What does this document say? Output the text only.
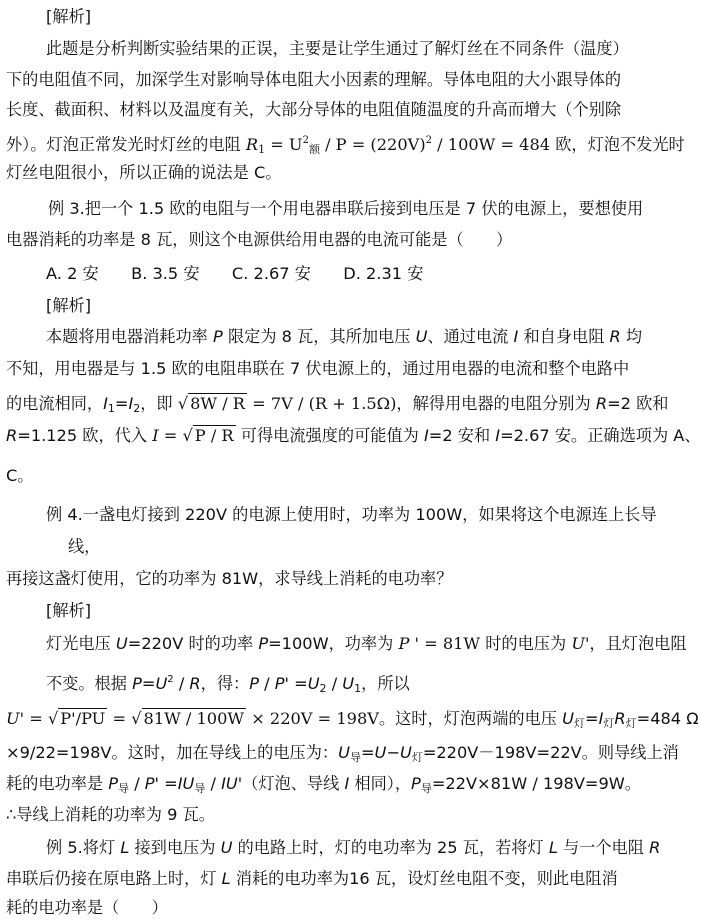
[解析]
此题是分析判断实验结果的正误，主要是让学生通过了解灯丝在不同条件（温度）
下的电阻值不同，加深学生对影响导体电阻大小因素的理解。导体电阻的大小跟导体的
长度、截面积、材料以及温度有关，大部分导体的电阻值随温度的升高而增大（个别除
外）。灯泡正常发光时灯丝的电阻 $R_1 = U^2_额 / P = (220V)^2 / 100W = 484$ 欧，灯泡不发光时
灯丝电阻很小，所以正确的说法是 C。
例 3.把一个 1.5 欧的电阻与一个用电器串联后接到电压是 7 伏的电源上，要想使用
电器消耗的功率是 8 瓦，则这个电源供给用电器的电流可能是（　　）
A. 2 安　　B. 3.5 安　　C. 2.67 安　　D. 2.31 安
[解析]
本题将用电器消耗功率 P 限定为 8 瓦，其所加电压 U、通过电流 I 和自身电阻 R 均
不知，用电器是与 1.5 欧的电阻串联在 7 伏电源上的，通过用电器的电流和整个电路中
的电流相同，$I_1=I_2$，即 √ 8W / R = 7V / (R + 1.5Ω)，解得用电器的电阻分别为 R=2 欧和
R=1.125 欧，代入 I = √ P / R 可得电流强度的可能值为 I=2 安和 I=2.67 安。正确选项为 A、
C。
例 4.一盏电灯接到 220V 的电源上使用时，功率为 100W，如果将这个电源连上长导
线，
再接这盏灯使用，它的功率为 81W，求导线上消耗的电功率？
[解析]
灯光电压 U=220V 时的功率 P=100W，功率为 P ' = 81W 时的电压为 U'，且灯泡电阻
不变。根据 $P=U^2 / R$，得：$P / P' =U_2 / U_1$，所以
U' = √ P'/PU = √ 81W / 100W × 220V = 198V。这时，灯泡两端的电压 $U_灯=I_灯R_灯=484$ Ω
×9/22=198V。这时，加在导线上的电压为：$U_导=U-U_灯=220V-198V=22V$。则导线上消
耗的电功率是 $P_导 / P' =IU_导 / IU'$（灯泡、导线 I 相同），$P_导=22V\times 81W / 198V=9W$。
∴导线上消耗的功率为 9 瓦。
例 5.将灯 L 接到电压为 U 的电路上时，灯的电功率为 25 瓦，若将灯 L 与一个电阻 R
串联后仍接在原电路上时，灯 L 消耗的电功率为16 瓦，设灯丝电阻不变，则此电阻消
耗的电功率是（　　）
